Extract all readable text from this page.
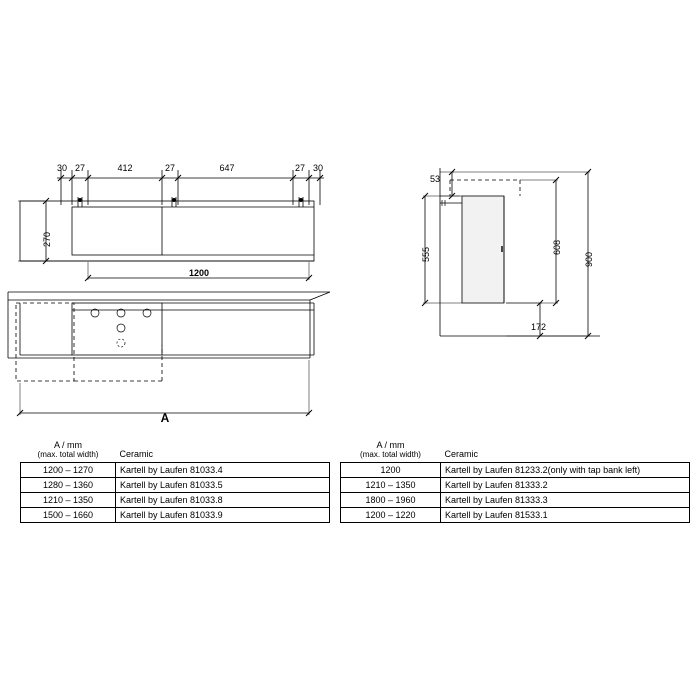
30 27	412	27	647	27 30
270
1200
A
53
555	608
900
172
A / mm
(max. total width)	Ceramic
1200 – 1270	Kartell by Laufen 81033.4
1280 – 1360	Kartell by Laufen 81033.5
1210 – 1350	Kartell by Laufen 81033.8
1500 – 1660	Kartell by Laufen 81033.9
A / mm
(max. total width)	Ceramic
1200	Kartell by Laufen 81233.2(only with tap bank left)
1210 – 1350	Kartell by Laufen 81333.2
1800 – 1960	Kartell by Laufen 81333.3
1200 – 1220	Kartell by Laufen 81533.1
